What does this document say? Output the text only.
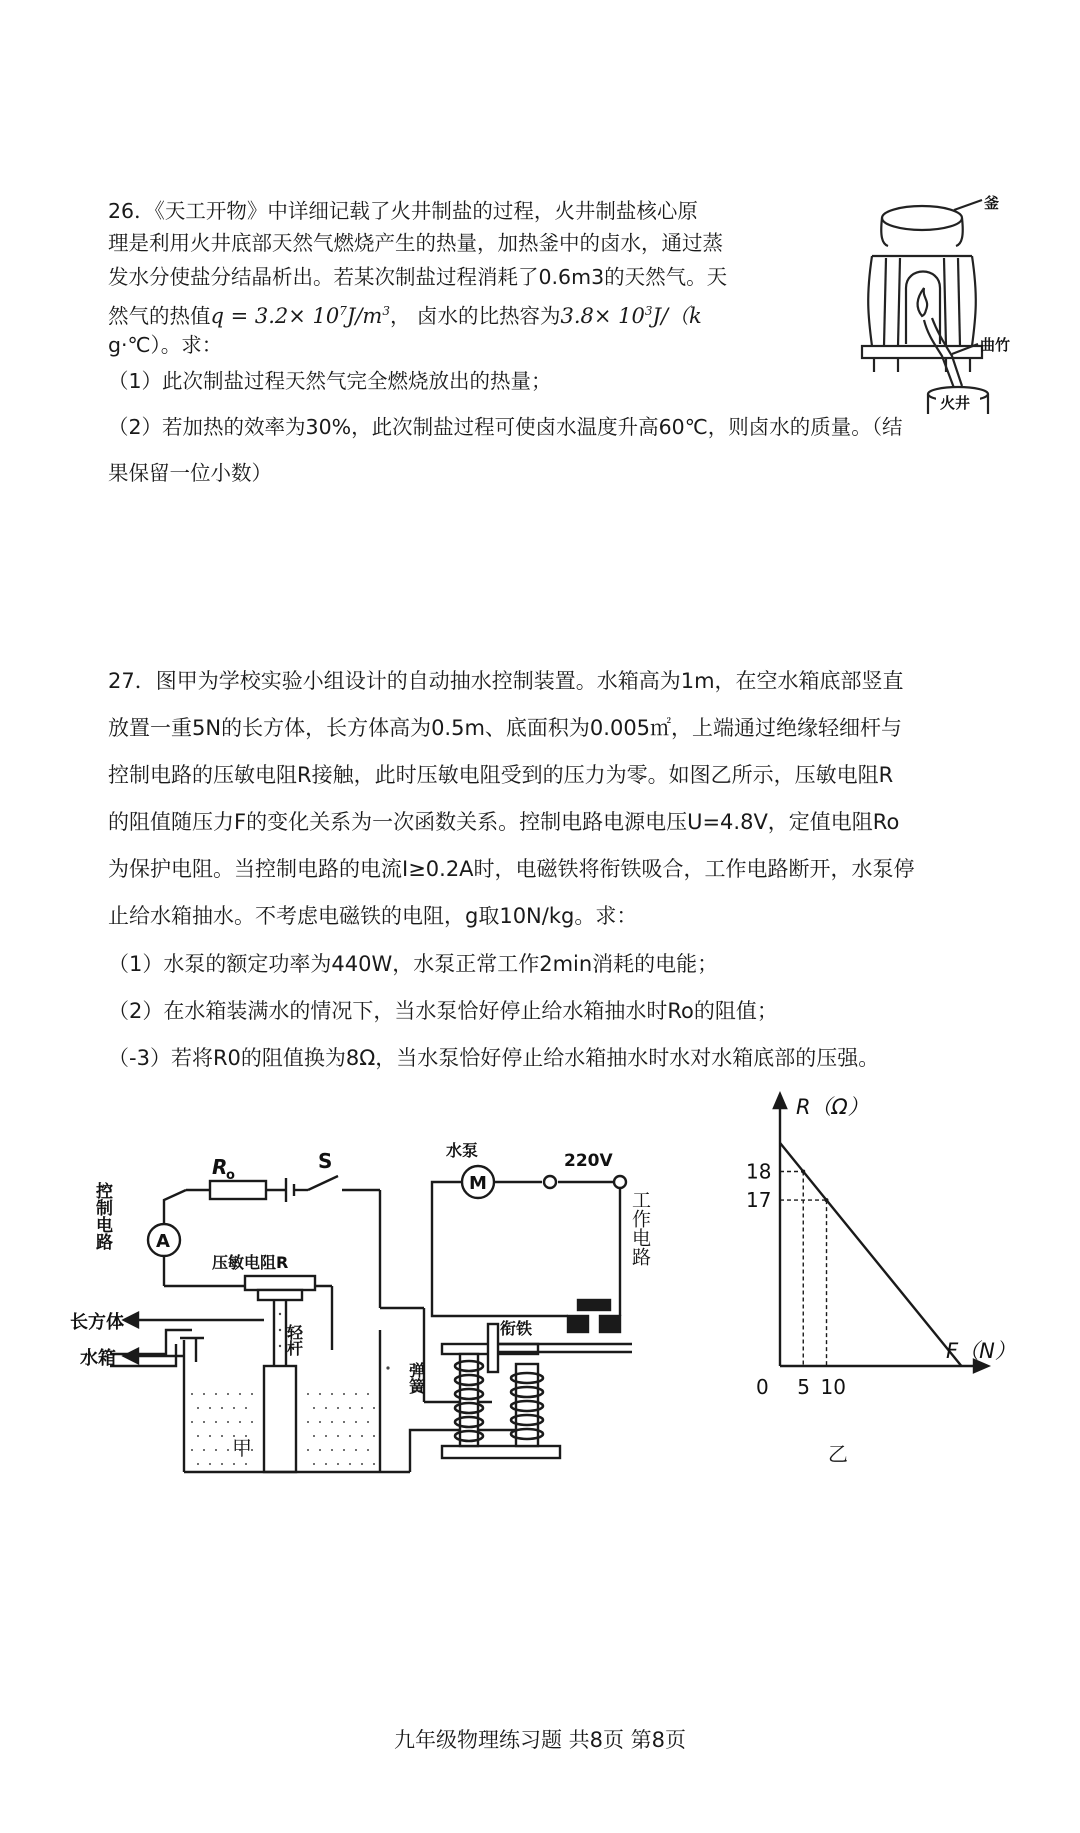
26．《天工开物》中详细记载了火井制盐的过程，火井制盐核心原
理是利用火井底部天然气燃烧产生的热量，加热釜中的卤水，通过蒸
发水分使盐分结晶析出。若某次制盐过程消耗了0.6m3的天然气。天
然气的热值$q = 3.2\times 10^7J/m^3$， 卤水的比热容为$3.8\times 10^3J/(k$
g·℃）。求：
（1）此次制盐过程天然气完全燃烧放出的热量；
（2）若加热的效率为30%，此次制盐过程可使卤水温度升高60℃，则卤水的质量。（结
果保留一位小数）
釜
曲竹
火井
27．图甲为学校实验小组设计的自动抽水控制装置。水箱高为1m，在空水箱底部竖直
放置一重5N的长方体，长方体高为0.5m、底面积为0.005㎡，上端通过绝缘轻细杆与
控制电路的压敏电阻R接触，此时压敏电阻受到的压力为零。如图乙所示，压敏电阻R
的阻值随压力F的变化关系为一次函数关系。控制电路电源电压U=4.8V，定值电阻Ro
为保护电阻。当控制电路的电流I≥0.2A时，电磁铁将衔铁吸合，工作电路断开，水泵停
止给水箱抽水。不考虑电磁铁的电阻，g取10N/kg。求：
（1）水泵的额定功率为440W，水泵正常工作2min消耗的电能；
（2）在水箱装满水的情况下，当水泵恰好停止给水箱抽水时Ro的阻值；
（-3）若将R0的阻值换为8Ω，当水泵恰好停止给水箱抽水时水对水箱底部的压强。
A
M
控制电路
R
o
S	水泵
220V
工作电路
压敏电阻R
轻杆	衔铁
弹簧
长方体
水箱
甲
18
17
0 5 10
R（Ω）
F（N）
乙
九年级物理练习题 共8页 第8页
